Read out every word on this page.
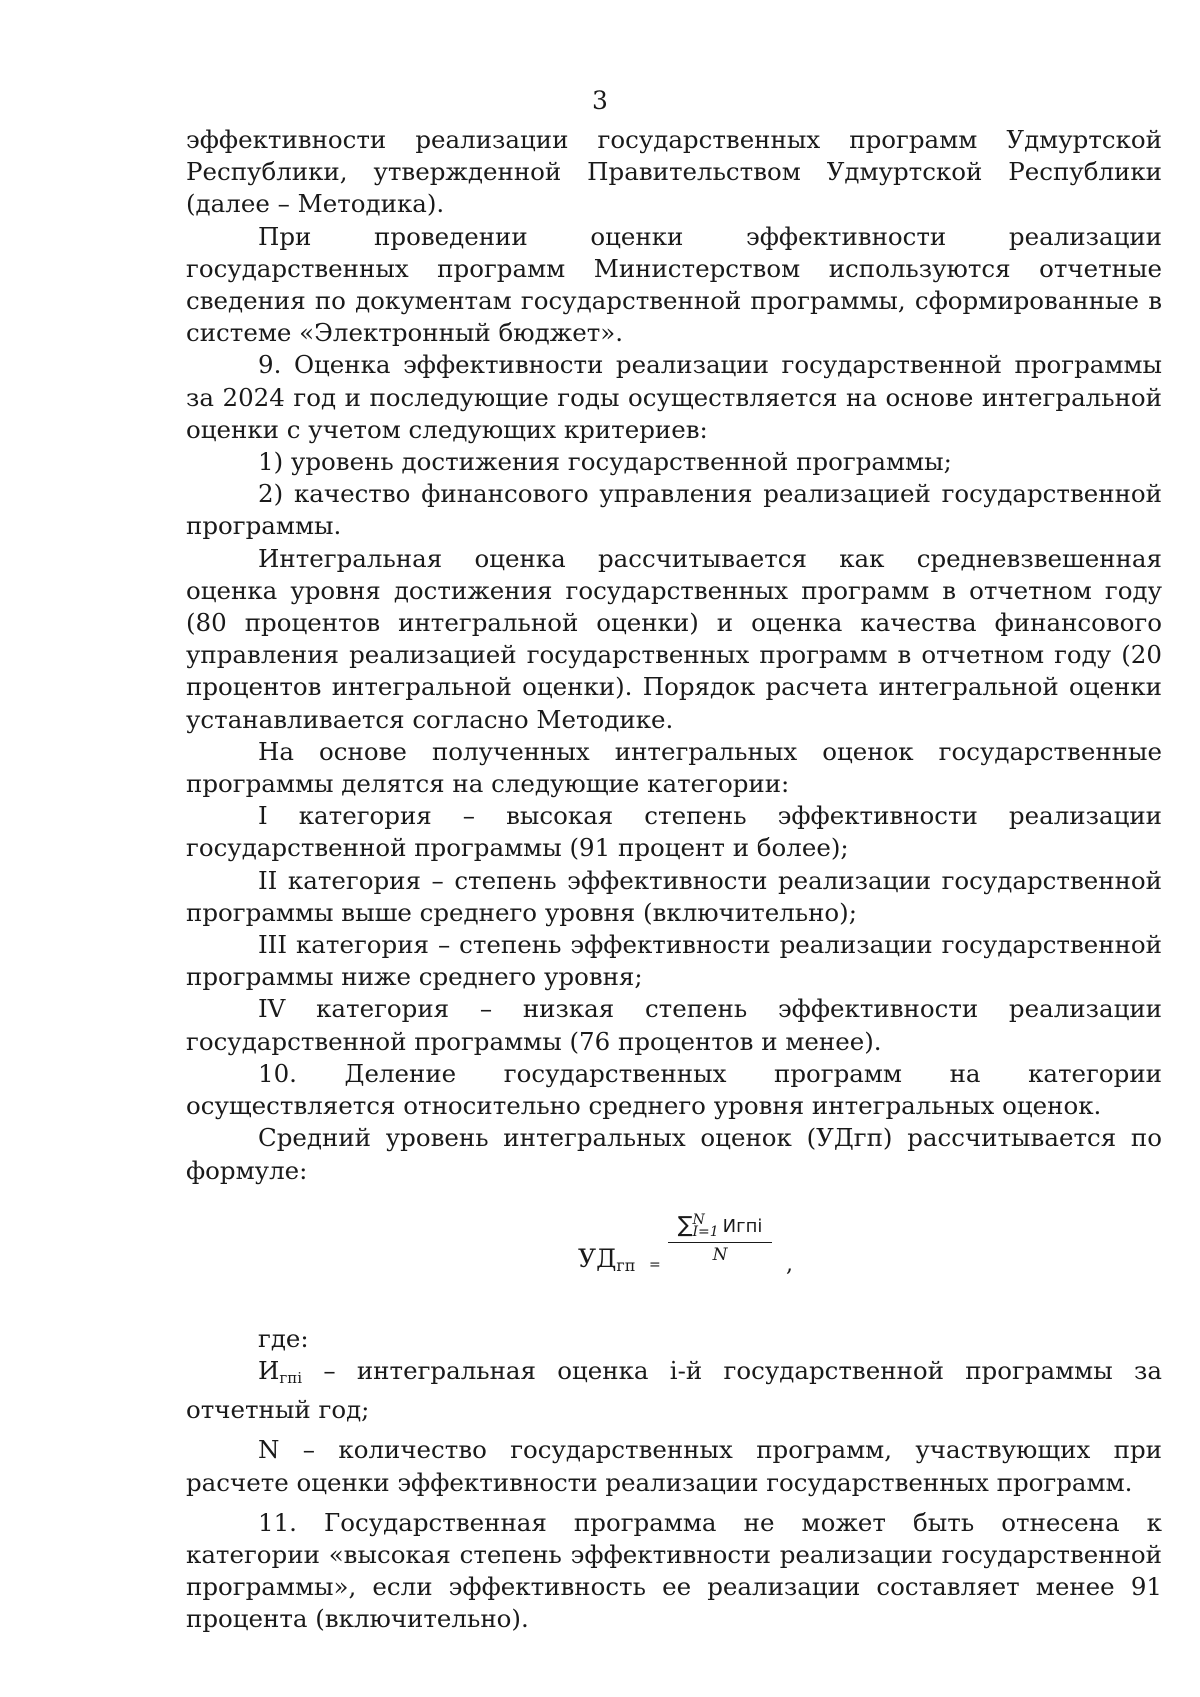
3

эффективности реализации государственных программ Удмуртской Республики, утвержденной Правительством Удмуртской Республики (далее – Методика).

При проведении оценки эффективности реализации государственных программ Министерством используются отчетные сведения по документам государственной программы, сформированные в системе «Электронный бюджет».

9. Оценка эффективности реализации государственной программы за 2024 год и последующие годы осуществляется на основе интегральной оценки с учетом следующих критериев:

1) уровень достижения государственной программы;

2) качество финансового управления реализацией государственной программы.

Интегральная оценка рассчитывается как средневзвешенная оценка уровня достижения государственных программ в отчетном году (80 процентов интегральной оценки) и оценка качества финансового управления реализацией государственных программ в отчетном году (20 процентов интегральной оценки). Порядок расчета интегральной оценки устанавливается согласно Методике.

На основе полученных интегральных оценок государственные программы делятся на следующие категории:

I категория – высокая степень эффективности реализации государственной программы (91 процент и более);

II категория – степень эффективности реализации государственной программы выше среднего уровня (включительно);

III категория – степень эффективности реализации государственной программы ниже среднего уровня;

IV категория – низкая степень эффективности реализации государственной программы (76 процентов и менее).

10. Деление государственных программ на категории осуществляется относительно среднего уровня интегральных оценок.

Средний уровень интегральных оценок (УДгп) рассчитывается по формуле:

$УД_{гп}$ =
∑ N
I=1 Игпi
N	,

где:

$И_{гпi}$ – интегральная оценка i-й государственной программы за отчетный год;

N – количество государственных программ, участвующих при расчете оценки эффективности реализации государственных программ.

11. Государственная программа не может быть отнесена к категории «высокая степень эффективности реализации государственной программы», если эффективность ее реализации составляет менее 91 процента (включительно).
